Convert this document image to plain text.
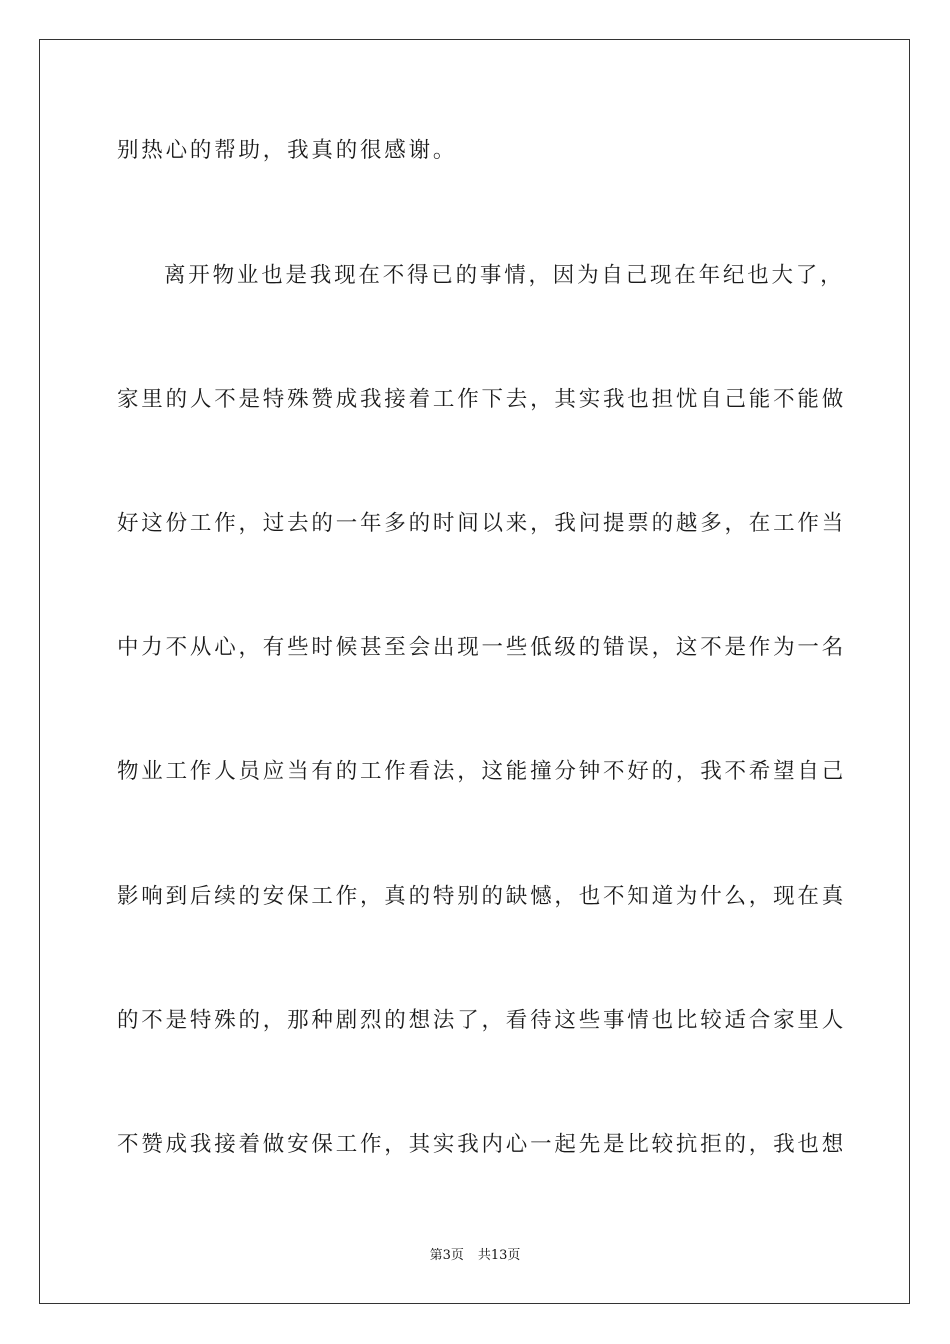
别热心的帮助，我真的很感谢。
离开物业也是我现在不得已的事情，因为自己现在年纪也大了，
家里的人不是特殊赞成我接着工作下去，其实我也担忧自己能不能做
好这份工作，过去的一年多的时间以来，我问提票的越多，在工作当
中力不从心，有些时候甚至会出现一些低级的错误，这不是作为一名
物业工作人员应当有的工作看法，这能撞分钟不好的，我不希望自己
影响到后续的安保工作，真的特别的缺憾，也不知道为什么，现在真
的不是特殊的，那种剧烈的想法了，看待这些事情也比较适合家里人
不赞成我接着做安保工作，其实我内心一起先是比较抗拒的，我也想
第3页 共13页
